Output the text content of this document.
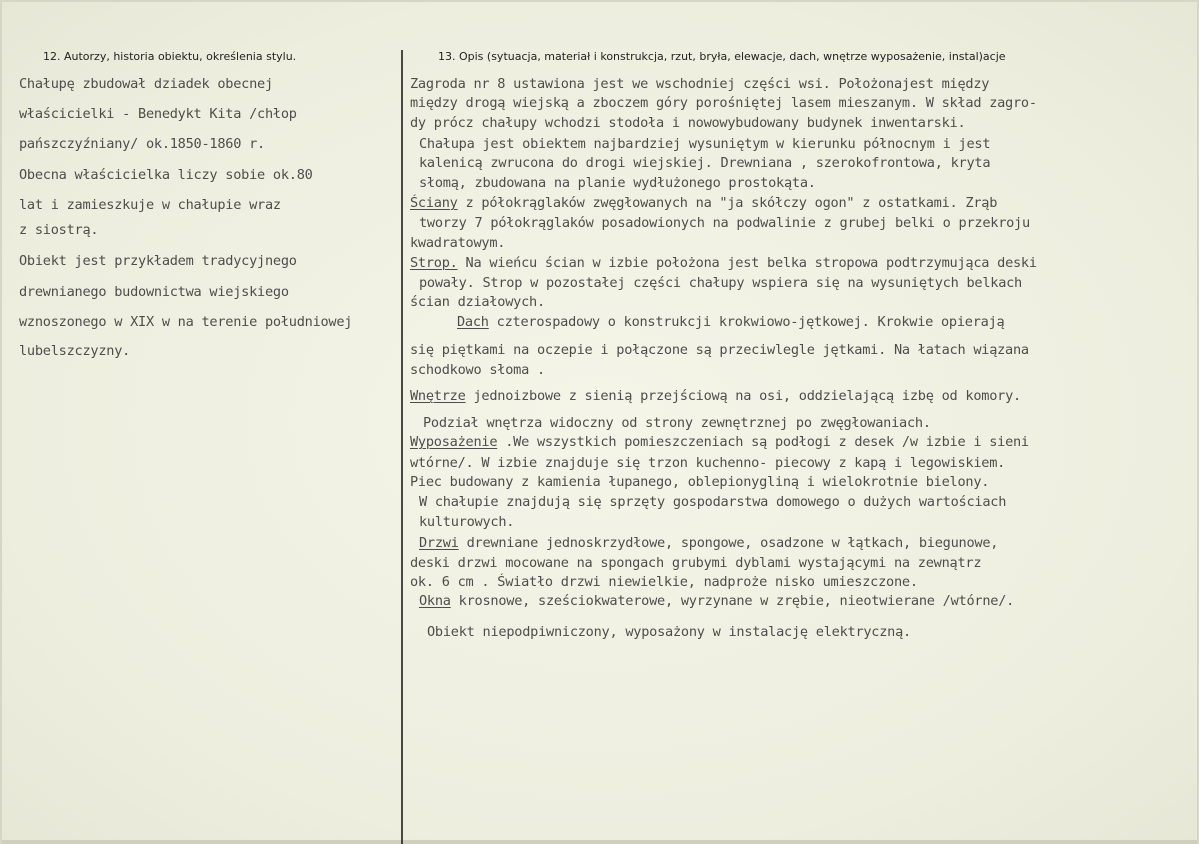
12. Autorzy, historia obiektu, określenia stylu.	13. Opis (sytuacja, materiał i konstrukcja, rzut, bryła, elewacje, dach, wnętrze wyposażenie, instal)acje
Chałupę zbudował dziadek obecnej
właścicielki - Benedykt Kita /chłop
pańszczyźniany/ ok.1850-1860 r.
Obecna właścicielka liczy sobie ok.80
lat i zamieszkuje w chałupie wraz
z siostrą.
Obiekt jest przykładem tradycyjnego
drewnianego budownictwa wiejskiego
wznoszonego w XIX w na terenie południowej
lubelszczyzny.
Zagroda nr 8 ustawiona jest we wschodniej części wsi. Położonajest między
między drogą wiejską a zboczem góry porośniętej lasem mieszanym. W skład zagro-
dy prócz chałupy wchodzi stodoła i nowowybudowany budynek inwentarski.
Chałupa jest obiektem najbardziej wysuniętym w kierunku północnym i jest
kalenicą zwrucona do drogi wiejskiej. Drewniana , szerokofrontowa, kryta
słomą, zbudowana na planie wydłużonego prostokąta.
Ściany z półokrąglaków zwęgłowanych na "ja skółczy ogon" z ostatkami. Zrąb
tworzy 7 półokrąglaków posadowionych na podwalinie z grubej belki o przekroju
kwadratowym.
Strop. Na wieńcu ścian w izbie położona jest belka stropowa podtrzymująca deski
powały. Strop w pozostałej części chałupy wspiera się na wysuniętych belkach
ścian działowych.
Dach czterospadowy o konstrukcji krokwiowo-jętkowej. Krokwie opierają
się piętkami na oczepie i połączone są przeciwlegle jętkami. Na łatach wiązana
schodkowo słoma .
Wnętrze jednoizbowe z sienią przejściową na osi, oddzielającą izbę od komory.
Podział wnętrza widoczny od strony zewnętrznej po zwęgłowaniach.
Wyposażenie .We wszystkich pomieszczeniach są podłogi z desek /w izbie i sieni
wtórne/. W izbie znajduje się trzon kuchenno- piecowy z kapą i legowiskiem.
Piec budowany z kamienia łupanego, oblepionygliną i wielokrotnie bielony.
W chałupie znajdują się sprzęty gospodarstwa domowego o dużych wartościach
kulturowych.
Drzwi drewniane jednoskrzydłowe, spongowe, osadzone w łątkach, biegunowe,
deski drzwi mocowane na spongach grubymi dyblami wystającymi na zewnątrz
ok. 6 cm . Światło drzwi niewielkie, nadproże nisko umieszczone.
Okna krosnowe, sześciokwaterowe, wyrzynane w zrębie, nieotwierane /wtórne/.
Obiekt niepodpiwniczony, wyposażony w instalację elektryczną.
